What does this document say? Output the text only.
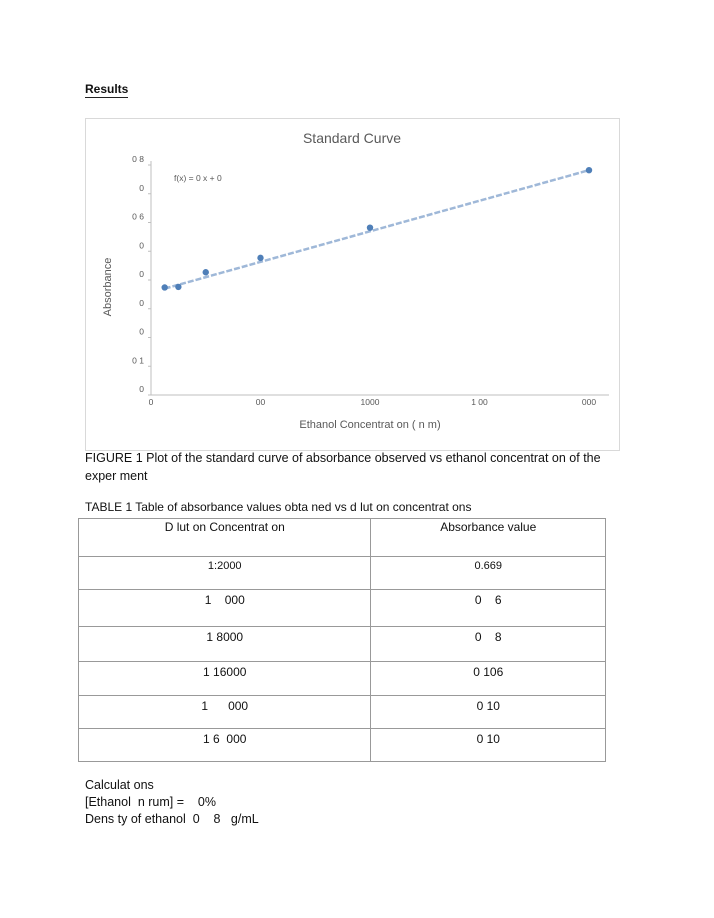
Results
Standard Curve
0
0 1
0
0
0
0
0 6
0
0 8
0	00	1000	1 00	000
Absorbance
Ethanol Concentrat on ( n m)
f(x) = 0 x + 0
FIGURE 1 Plot of the standard curve of absorbance observed vs ethanol concentrat on of the exper ment
TABLE 1 Table of absorbance values obta ned vs d lut on concentrat ons
D lut on Concentrat on	Absorbance value
1:2000	0.669
1    000	0    6
1 8000	0    8
1 16000	0 106
1      000	0 10
1 6  000	0 10
Calculat ons
[Ethanol  n rum] =    0%
Dens ty of ethanol  0    8   g/mL
